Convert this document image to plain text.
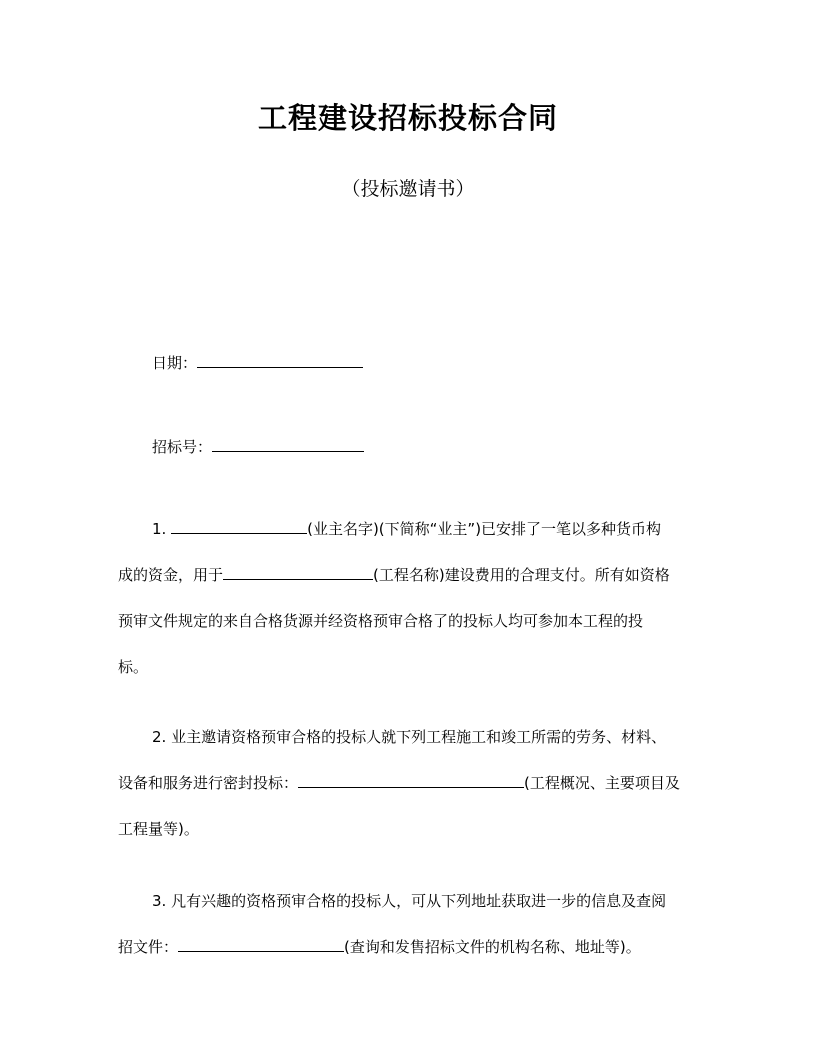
工程建设招标投标合同
（投标邀请书）
日期：
招标号：
1.	(业主名字)(下简称“业主”)已安排了一笔以多种货币构
成的资金，用于	(工程名称)建设费用的合理支付。所有如资格
预审文件规定的来自合格货源并经资格预审合格了的投标人均可参加本工程的投
标。
2. 业主邀请资格预审合格的投标人就下列工程施工和竣工所需的劳务、材料、
设备和服务进行密封投标：	(工程概况、主要项目及
工程量等)。
3. 凡有兴趣的资格预审合格的投标人，可从下列地址获取进一步的信息及查阅
招文件：	(查询和发售招标文件的机构名称、地址等)。
